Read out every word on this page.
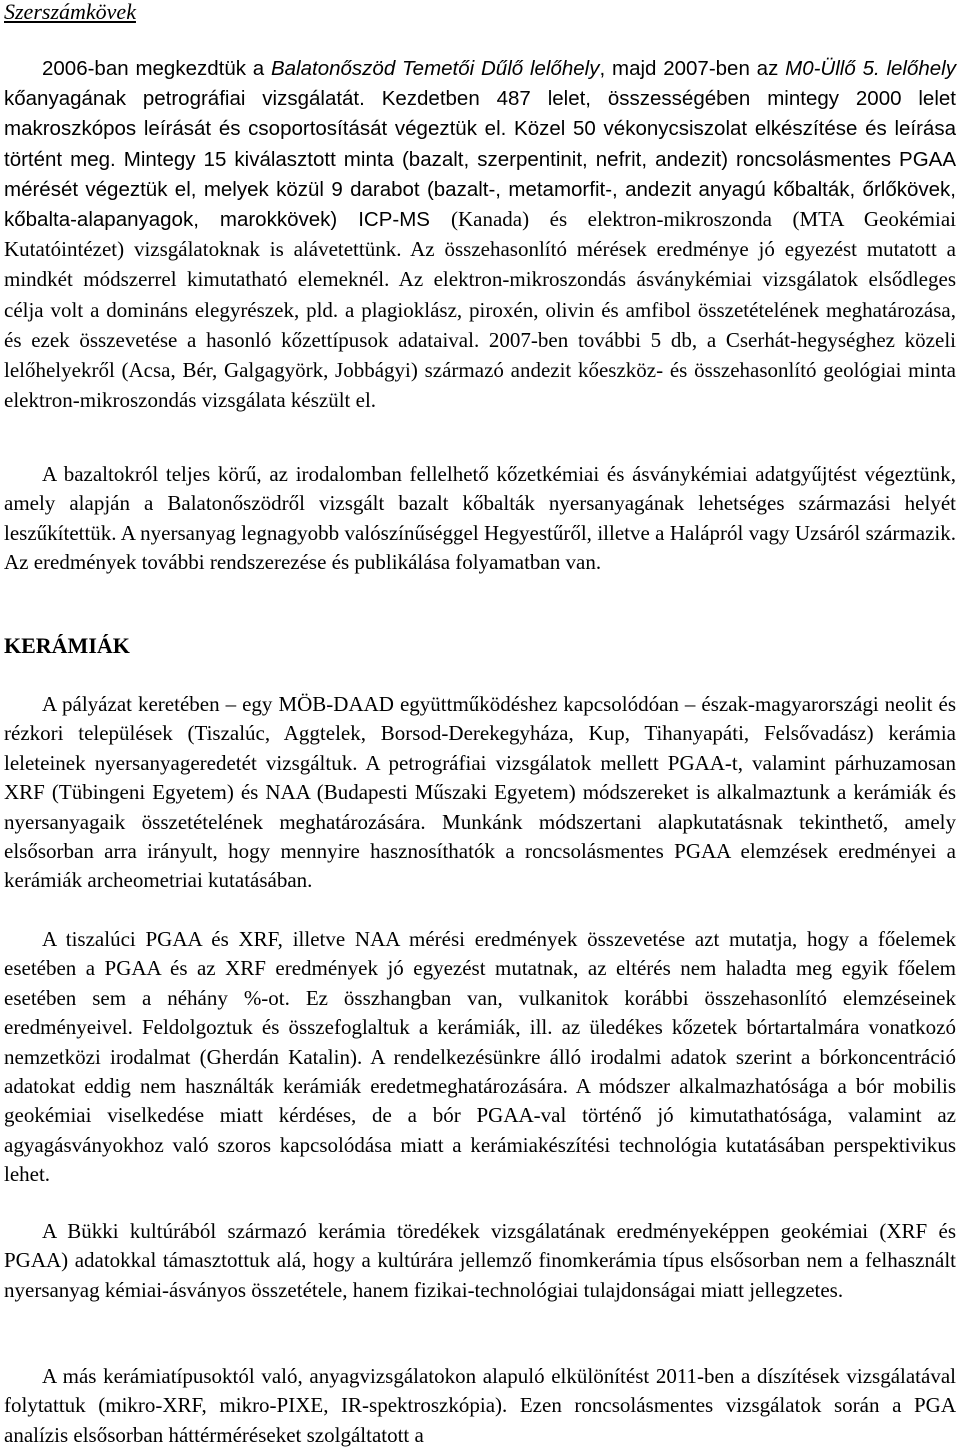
Szerszámkövek
2006-ban megkezdtük a Balatonőszöd Temetői Dűlő lelőhely, majd 2007-ben az M0-Üllő 5. lelőhely kőanyagának petrográfiai vizsgálatát. Kezdetben 487 lelet, összességében mintegy 2000 lelet makroszkópos leírását és csoportosítását végeztük el. Közel 50 vékonycsiszolat elkészítése és leírása történt meg. Mintegy 15 kiválasztott minta (bazalt, szerpentinit, nefrit, andezit) roncsolásmentes PGAA mérését végeztük el, melyek közül 9 darabot (bazalt-, metamorfit-, andezit anyagú kőbalták, őrlőkövek, kőbalta-alapanyagok, marokkövek) ICP-MS (Kanada) és elektron-mikroszonda (MTA Geokémiai Kutatóintézet) vizsgálatoknak is alávetettünk. Az összehasonlító mérések eredménye jó egyezést mutatott a mindkét módszerrel kimutatható elemeknél. Az elektron-mikroszondás ásványkémiai vizsgálatok elsődleges célja volt a domináns elegyrészek, pld. a plagioklász, piroxén, olivin és amfibol összetételének meghatározása, és ezek összevetése a hasonló kőzettípusok adataival. 2007-ben további 5 db, a Cserhát-hegységhez közeli lelőhelyekről (Acsa, Bér, Galgagyörk, Jobbágyi) származó andezit kőeszköz- és összehasonlító geológiai minta elektron-mikroszondás vizsgálata készült el.

A bazaltokról teljes körű, az irodalomban fellelhető kőzetkémiai és ásványkémiai adatgyűjtést végeztünk, amely alapján a Balatonőszödről vizsgált bazalt kőbalták nyersanyagának lehetséges származási helyét leszűkítettük. A nyersanyag legnagyobb valószínűséggel Hegyestűről, illetve a Halápról vagy Uzsáról származik. Az eredmények további rendszerezése és publikálása folyamatban van.

KERÁMIÁK

A pályázat keretében – egy MÖB-DAAD együttműködéshez kapcsolódóan – észak-magyarországi neolit és rézkori települések (Tiszalúc, Aggtelek, Borsod-Derekegyháza, Kup, Tihanyapáti, Felsővadász) kerámia leleteinek nyersanyageredetét vizsgáltuk. A petrográfiai vizsgálatok mellett PGAA-t, valamint párhuzamosan XRF (Tübingeni Egyetem) és NAA (Budapesti Műszaki Egyetem) módszereket is alkalmaztunk a kerámiák és nyersanyagaik összetételének meghatározására. Munkánk módszertani alapkutatásnak tekinthető, amely elsősorban arra irányult, hogy mennyire hasznosíthatók a roncsolásmentes PGAA elemzések eredményei a kerámiák archeometriai kutatásában.

A tiszalúci PGAA és XRF, illetve NAA mérési eredmények összevetése azt mutatja, hogy a főelemek esetében a PGAA és az XRF eredmények jó egyezést mutatnak, az eltérés nem haladta meg egyik főelem esetében sem a néhány %-ot. Ez összhangban van, vulkanitok korábbi összehasonlító elemzéseinek eredményeivel. Feldolgoztuk és összefoglaltuk a kerámiák, ill. az üledékes kőzetek bórtartalmára vonatkozó nemzetközi irodalmat (Gherdán Katalin). A rendelkezésünkre álló irodalmi adatok szerint a bórkoncentráció adatokat eddig nem használták kerámiák eredetmeghatározására. A módszer alkalmazhatósága a bór mobilis geokémiai viselkedése miatt kérdéses, de a bór PGAA-val történő jó kimutathatósága, valamint az agyagásványokhoz való szoros kapcsolódása miatt a kerámiakészítési technológia kutatásában perspektivikus lehet.

A Bükki kultúrából származó kerámia töredékek vizsgálatának eredményeképpen geokémiai (XRF és PGAA) adatokkal támasztottuk alá, hogy a kultúrára jellemző finomkerámia típus elsősorban nem a felhasznált nyersanyag kémiai-ásványos összetétele, hanem fizikai-technológiai tulajdonságai miatt jellegzetes.

A más kerámiatípusoktól való, anyagvizsgálatokon alapuló elkülönítést 2011-ben a díszítések vizsgálatával folytattuk (mikro-XRF, mikro-PIXE, IR-spektroszkópia). Ezen roncsolásmentes vizsgálatok során a PGA analízis elsősorban háttérméréseket szolgáltatott a
